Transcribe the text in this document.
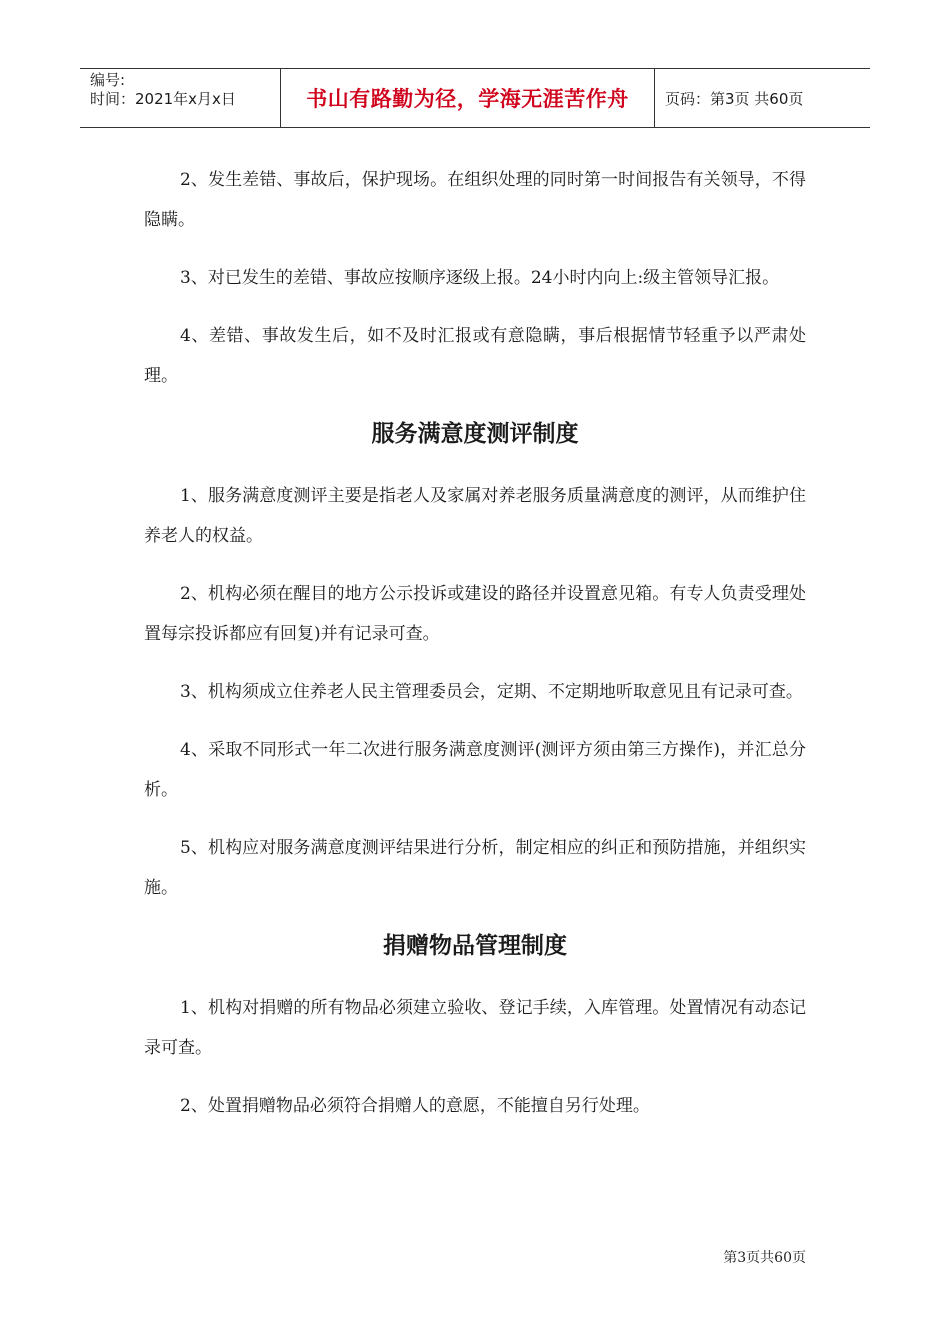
编号:
时间：2021年x月x日	书山有路勤为径，学海无涯苦作舟	页码：第3页 共60页

2、发生差错、事故后，保护现场。在组织处理的同时第一时间报告有关领导，不得隐瞒。

3、对已发生的差错、事故应按顺序逐级上报。24小时内向上:级主管领导汇报。

4、差错、事故发生后，如不及时汇报或有意隐瞒，事后根据情节轻重予以严肃处理。

服务满意度测评制度

1、服务满意度测评主要是指老人及家属对养老服务质量满意度的测评，从而维护住养老人的权益。

2、机构必须在醒目的地方公示投诉或建设的路径并设置意见箱。有专人负责受理处置每宗投诉都应有回复)并有记录可查。

3、机构须成立住养老人民主管理委员会，定期、不定期地听取意见且有记录可查。

4、采取不同形式一年二次进行服务满意度测评(测评方须由第三方操作)，并汇总分析。

5、机构应对服务满意度测评结果进行分析，制定相应的纠正和预防措施，并组织实施。

捐赠物品管理制度

1、机构对捐赠的所有物品必须建立验收、登记手续，入库管理。处置情况有动态记录可查。

2、处置捐赠物品必须符合捐赠人的意愿，不能擅自另行处理。

第3页共60页
